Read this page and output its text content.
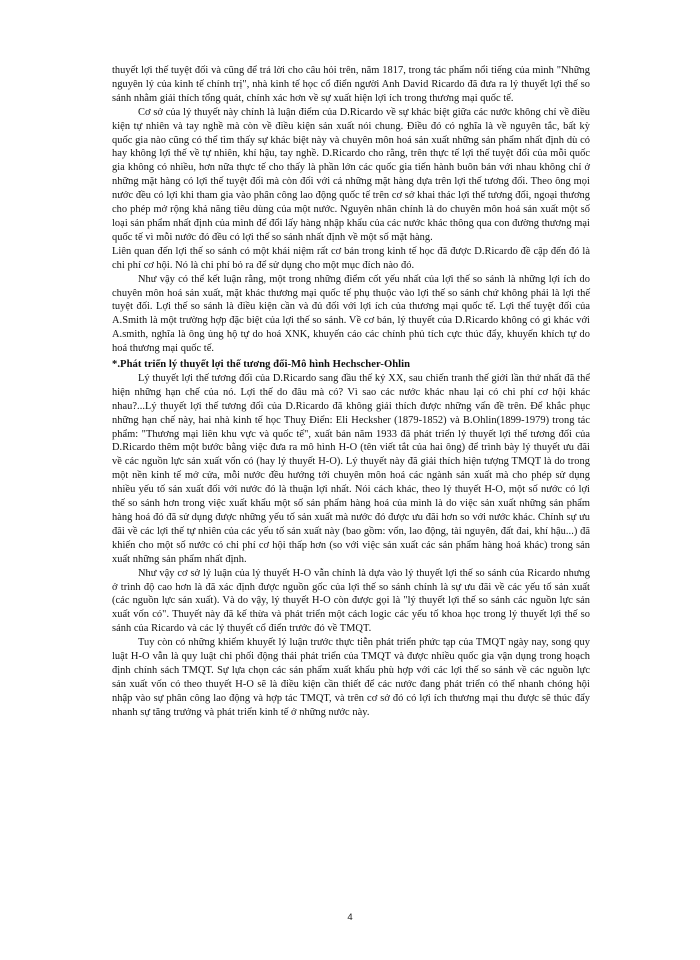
thuyết lợi thế tuyệt đối và cũng để trả lời cho câu hỏi trên, năm 1817, trong tác phẩm nổi tiếng của mình "Những nguyên lý của kinh tế chính trị", nhà kinh tế học cổ điển người Anh David Ricardo đã đưa ra lý thuyết lợi thế so sánh nhằm giải thích tổng quát, chính xác hơn về sự xuất hiện lợi ích trong thương mại quốc tế.

Cơ sở của lý thuyết này chính là luận điểm của D.Ricardo về sự khác biệt giữa các nước không chỉ về điều kiện tự nhiên và tay nghề mà còn về điều kiện sản xuất nói chung. Điều đó có nghĩa là về nguyên tắc, bất kỳ quốc gia nào cũng có thể tìm thấy sự khác biệt này và chuyên môn hoá sản xuất những sản phẩm nhất định dù có hay không lợi thế về tự nhiên, khí hậu, tay nghề. D.Ricardo cho rằng, trên thực tế lợi thế tuyệt đối của mỗi quốc gia không có nhiều, hơn nữa thực tế cho thấy là phần lớn các quốc gia tiến hành buôn bán với nhau không chỉ ở những mặt hàng có lợi thế tuyệt đối mà còn đối với cả những mặt hàng dựa trên lợi thế tương đối. Theo ông mọi nước đều có lợi khi tham gia vào phân công lao động quốc tế trên cơ sở khai thác lợi thế tương đối, ngoại thương cho phép mở rộng khả năng tiêu dùng của một nước. Nguyên nhân chính là do chuyên môn hoá sản xuất một số loại sản phẩm nhất định của mình để đổi lấy hàng nhập khẩu của các nước khác thông qua con đường thương mại quốc tế vì mỗi nước đó đều có lợi thế so sánh nhất định về một số mặt hàng.

Liên quan đến lợi thế so sánh có một khái niệm rất cơ bản trong kinh tế học đã được D.Ricardo đề cập đến đó là chi phí cơ hội. Nó là chi phí bỏ ra để sử dụng cho một mục đích nào đó.

Như vậy có thể kết luận rằng, một trong những điểm cốt yếu nhất của lợi thế so sánh là những lợi ích do chuyên môn hoá sản xuất, mặt khác thương mại quốc tế phụ thuộc vào lợi thế so sánh chứ không phải là lợi thế tuyệt đối. Lợi thế so sánh là điều kiện cần và đủ đối với lợi ích của thương mại quốc tế. Lợi thế tuyệt đối của A.Smith là một trường hợp đặc biệt của lợi thế so sánh. Về cơ bản, lý thuyết của D.Ricardo không có gì khác với A.smith, nghĩa là ông ủng hộ tự do hoá XNK, khuyến cáo các chính phủ tích cực thúc đẩy, khuyến khích tự do hoá thương mại quốc tế.

*.Phát triển lý thuyết lợi thế tương đối-Mô hình Hechscher-Ohlin

Lý thuyết lợi thế tương đối của D.Ricardo sang đầu thế kỷ XX, sau chiến tranh thế giới lần thứ nhất đã thể hiện những hạn chế của nó. Lợi thế do đâu mà có? Vì sao các nước khác nhau lại có chi phí cơ hội khác nhau?...Lý thuyết lợi thế tương đối của D.Ricardo đã không giải thích được những vấn đề trên. Để khắc phục những hạn chế này, hai nhà kinh tế học Thuỵ Điển: Eli Hecksher (1879-1852) và B.Ohlin(1899-1979) trong tác phẩm: "Thương mại liên khu vực và quốc tế", xuất bản năm 1933 đã phát triển lý thuyết lợi thế tương đối của D.Ricardo thêm một bước bằng việc đưa ra mô hình H-O (tên viết tắt của hai ông) để trình bày lý thuyết ưu đãi về các nguồn lực sản xuất vốn có (hay lý thuyết H-O). Lý thuyết này đã giải thích hiện tượng TMQT là do trong một nền kinh tế mở cửa, mỗi nước đều hướng tới chuyên môn hoá các ngành sản xuất mà cho phép sử dụng nhiều yếu tố sản xuất đối với nước đó là thuận lợi nhất. Nói cách khác, theo lý thuyết H-O, một số nước có lợi thế so sánh hơn trong việc xuất khẩu một số sản phẩm hàng hoá của mình là do việc sản xuất những sản phẩm hàng hoá đó đã sử dụng được những yếu tố sản xuất mà nước đó được ưu đãi hơn so với nước khác. Chính sự ưu đãi về các lợi thế tự nhiên của các yếu tố sản xuất này (bao gồm: vốn, lao động, tài nguyên, đất đai, khí hậu...) đã khiến cho một số nước có chi phí cơ hội thấp hơn (so với việc sản xuất các sản phẩm hàng hoá khác) trong sản xuất những sản phẩm nhất định.

Như vậy cơ sở lý luận của lý thuyết H-O vẫn chính là dựa vào lý thuyết lợi thế so sánh của Ricardo nhưng ở trình độ cao hơn là đã xác định được nguồn gốc của lợi thế so sánh chính là sự ưu đãi về các yếu tố sản xuất (các nguồn lực sản xuất). Và do vậy, lý thuyết H-O còn được gọi là "lý thuyết lợi thế so sánh các nguồn lực sản xuất vốn có". Thuyết này đã kế thừa và phát triển một cách logic các yếu tố khoa học trong lý thuyết lợi thế so sánh của Ricardo và các lý thuyết cổ điển trước đó về TMQT.

Tuy còn có những khiếm khuyết lý luận trước thực tiễn phát triển phức tạp của TMQT ngày nay, song quy luật H-O vẫn là quy luật chi phối động thái phát triển của TMQT và được nhiều quốc gia vận dụng trong hoạch định chính sách TMQT. Sự lựa chọn các sản phẩm xuất khẩu phù hợp với các lợi thế so sánh về các nguồn lực sản xuất vốn có theo thuyết H-O sẽ là điều kiện cần thiết để các nước đang phát triển có thể nhanh chóng hội nhập vào sự phân công lao động và hợp tác TMQT, và trên cơ sở đó có lợi ích thương mại thu được sẽ thúc đẩy nhanh sự tăng trưởng và phát triển kinh tế ở những nước này.

4
